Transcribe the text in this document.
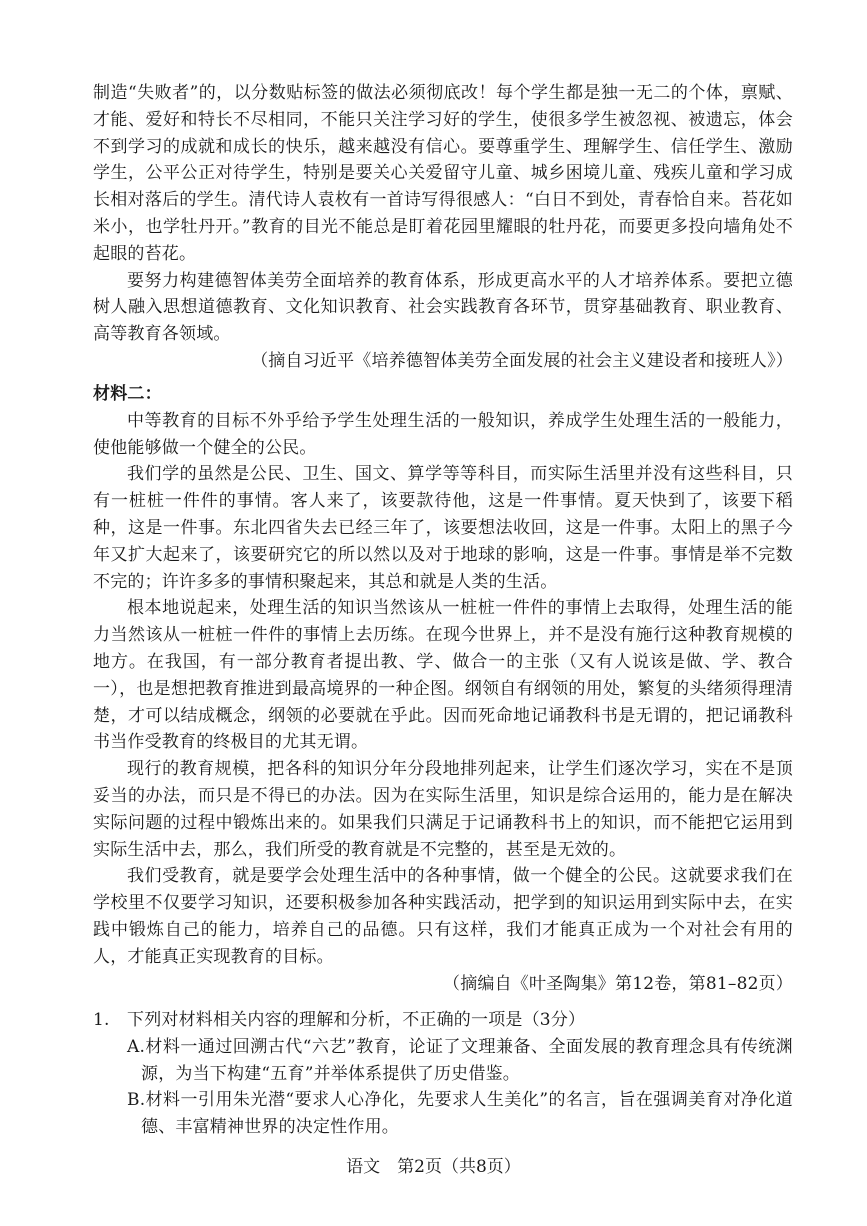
制造“失败者”的，以分数贴标签的做法必须彻底改！每个学生都是独一无二的个体，禀赋、才能、爱好和特长不尽相同，不能只关注学习好的学生，使很多学生被忽视、被遗忘，体会不到学习的成就和成长的快乐，越来越没有信心。要尊重学生、理解学生、信任学生、激励学生，公平公正对待学生，特别是要关心关爱留守儿童、城乡困境儿童、残疾儿童和学习成长相对落后的学生。清代诗人袁枚有一首诗写得很感人：“白日不到处，青春恰自来。苔花如米小，也学牡丹开。”教育的目光不能总是盯着花园里耀眼的牡丹花，而要更多投向墙角处不起眼的苔花。

要努力构建德智体美劳全面培养的教育体系，形成更高水平的人才培养体系。要把立德树人融入思想道德教育、文化知识教育、社会实践教育各环节，贯穿基础教育、职业教育、高等教育各领域。

（摘自习近平《培养德智体美劳全面发展的社会主义建设者和接班人》）

材料二：

中等教育的目标不外乎给予学生处理生活的一般知识，养成学生处理生活的一般能力，使他能够做一个健全的公民。

我们学的虽然是公民、卫生、国文、算学等等科目，而实际生活里并没有这些科目，只有一桩桩一件件的事情。客人来了，该要款待他，这是一件事情。夏天快到了，该要下稻种，这是一件事。东北四省失去已经三年了，该要想法收回，这是一件事。太阳上的黑子今年又扩大起来了，该要研究它的所以然以及对于地球的影响，这是一件事。事情是举不完数不完的；许许多多的事情积聚起来，其总和就是人类的生活。

根本地说起来，处理生活的知识当然该从一桩桩一件件的事情上去取得，处理生活的能力当然该从一桩桩一件件的事情上去历练。在现今世界上，并不是没有施行这种教育规模的地方。在我国，有一部分教育者提出教、学、做合一的主张（又有人说该是做、学、教合一），也是想把教育推进到最高境界的一种企图。纲领自有纲领的用处，繁复的头绪须得理清楚，才可以结成概念，纲领的必要就在乎此。因而死命地记诵教科书是无谓的，把记诵教科书当作受教育的终极目的尤其无谓。

现行的教育规模，把各科的知识分年分段地排列起来，让学生们逐次学习，实在不是顶妥当的办法，而只是不得已的办法。因为在实际生活里，知识是综合运用的，能力是在解决实际问题的过程中锻炼出来的。如果我们只满足于记诵教科书上的知识，而不能把它运用到实际生活中去，那么，我们所受的教育就是不完整的，甚至是无效的。

我们受教育，就是要学会处理生活中的各种事情，做一个健全的公民。这就要求我们在学校里不仅要学习知识，还要积极参加各种实践活动，把学到的知识运用到实际中去，在实践中锻炼自己的能力，培养自己的品德。只有这样，我们才能真正成为一个对社会有用的人，才能真正实现教育的目标。

（摘编自《叶圣陶集》第12卷，第81–82页）

1. 下列对材料相关内容的理解和分析，不正确的一项是（3分）

A.材料一通过回溯古代“六艺”教育，论证了文理兼备、全面发展的教育理念具有传统渊源，为当下构建“五育”并举体系提供了历史借鉴。

B.材料一引用朱光潜“要求人心净化，先要求人生美化”的名言，旨在强调美育对净化道德、丰富精神世界的决定性作用。

语文　第2页（共8页）
